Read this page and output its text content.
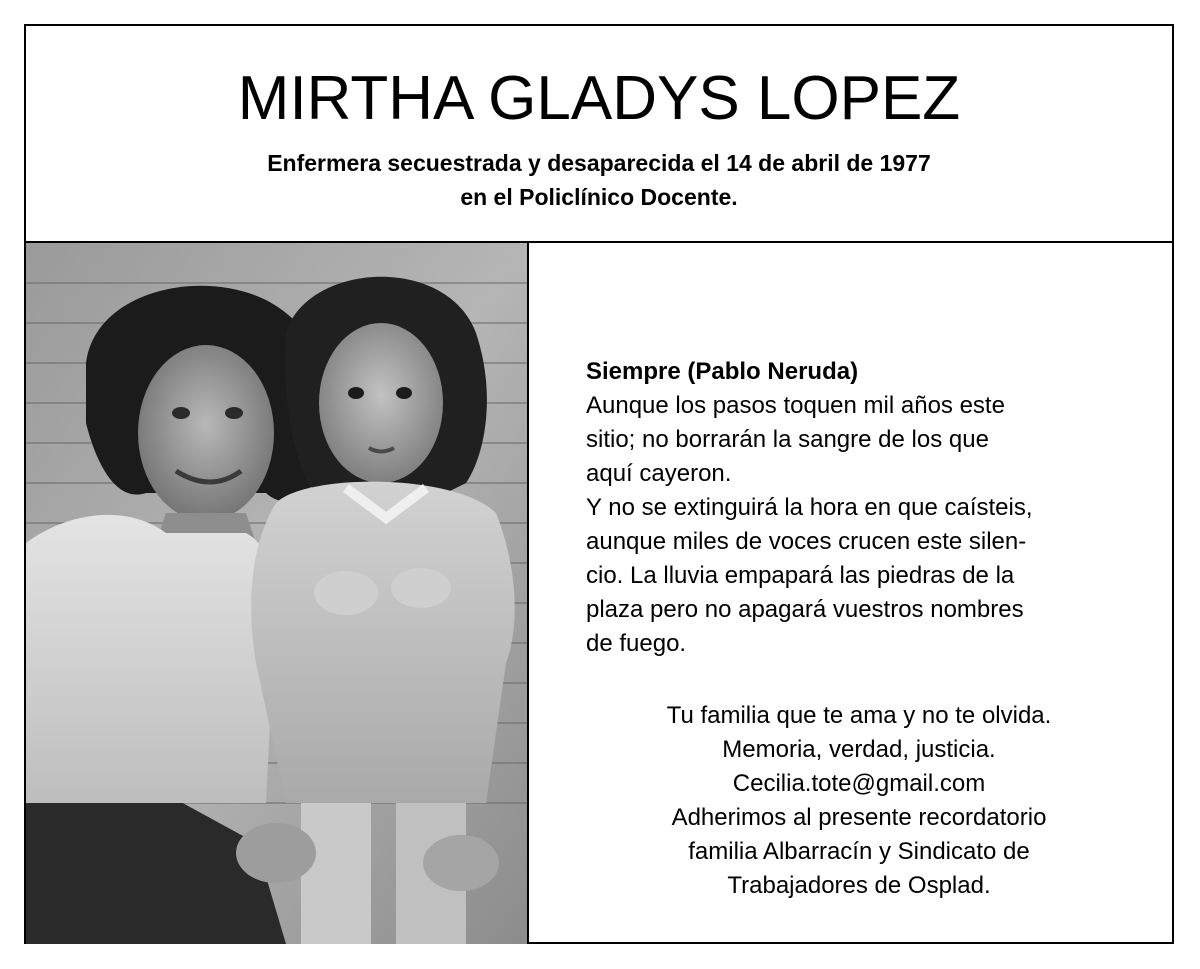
MIRTHA GLADYS LOPEZ
Enfermera secuestrada y desaparecida el 14 de abril de 1977
en el Policlínico Docente.
Siempre (Pablo Neruda)
Aunque los pasos toquen mil años este
sitio; no borrarán la sangre de los que
aquí cayeron.
Y no se extinguirá la hora en que caísteis,
aunque miles de voces crucen este silen-
cio. La lluvia empapará las piedras de la
plaza pero no apagará vuestros nombres
de fuego.
Tu familia que te ama y no te olvida.
Memoria, verdad, justicia.
Cecilia.tote@gmail.com
Adherimos al presente recordatorio
familia Albarracín y Sindicato de
Trabajadores de Osplad.
